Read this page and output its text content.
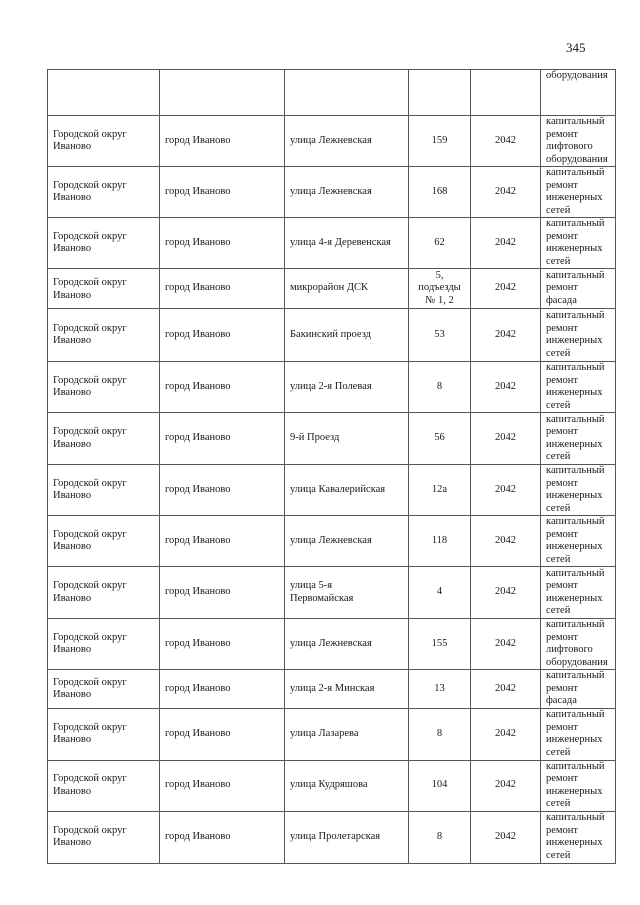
345
					оборудования
Городской округ Иваново	город Иваново	улица Лежневская	159	2042	капитальный ремонт лифтового оборудования
Городской округ Иваново	город Иваново	улица Лежневская	168	2042	капитальный ремонт инженерных сетей
Городской округ Иваново	город Иваново	улица 4-я Деревенская	62	2042	капитальный ремонт инженерных сетей
Городской округ Иваново	город Иваново	микрорайон ДСК	5, подъезды № 1, 2	2042	капитальный ремонт фасада
Городской округ Иваново	город Иваново	Бакинский проезд	53	2042	капитальный ремонт инженерных сетей
Городской округ Иваново	город Иваново	улица 2-я Полевая	8	2042	капитальный ремонт инженерных сетей
Городской округ Иваново	город Иваново	9-й Проезд	56	2042	капитальный ремонт инженерных сетей
Городской округ Иваново	город Иваново	улица Кавалерийская	12а	2042	капитальный ремонт инженерных сетей
Городской округ Иваново	город Иваново	улица Лежневская	118	2042	капитальный ремонт инженерных сетей
Городской округ Иваново	город Иваново	улица 5-я Первомайская	4	2042	капитальный ремонт инженерных сетей
Городской округ Иваново	город Иваново	улица Лежневская	155	2042	капитальный ремонт лифтового оборудования
Городской округ Иваново	город Иваново	улица 2-я Минская	13	2042	капитальный ремонт фасада
Городской округ Иваново	город Иваново	улица Лазарева	8	2042	капитальный ремонт инженерных сетей
Городской округ Иваново	город Иваново	улица Кудряшова	104	2042	капитальный ремонт инженерных сетей
Городской округ Иваново	город Иваново	улица Пролетарская	8	2042	капитальный ремонт инженерных сетей
